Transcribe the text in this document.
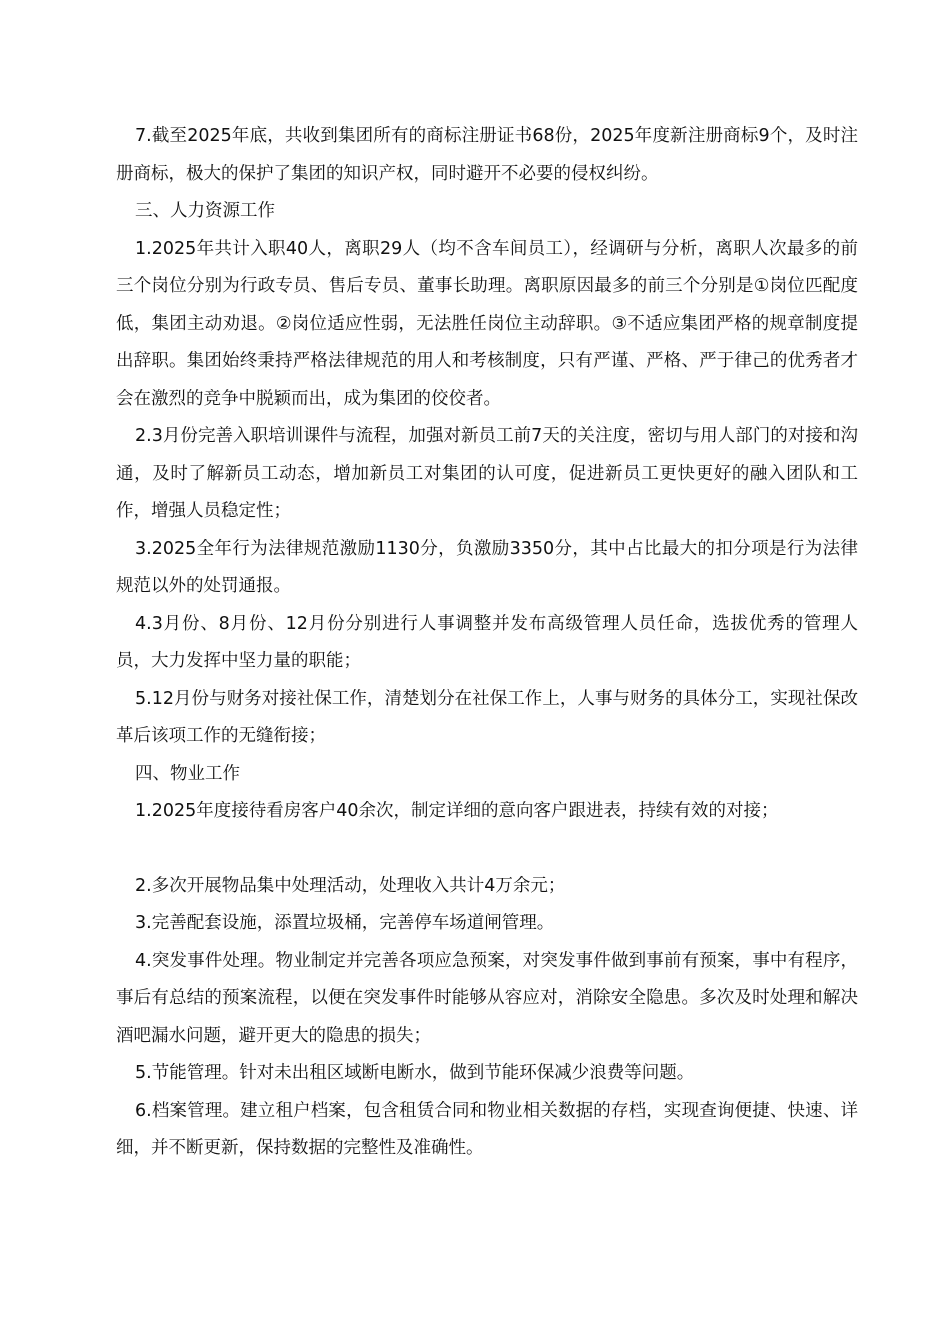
7.截至2025年底，共收到集团所有的商标注册证书68份，2025年度新注册商标9个，及时注册商标，极大的保护了集团的知识产权，同时避开不必要的侵权纠纷。

三、人力资源工作

1.2025年共计入职40人，离职29人（均不含车间员工），经调研与分析，离职人次最多的前三个岗位分别为行政专员、售后专员、董事长助理。离职原因最多的前三个分别是①岗位匹配度低，集团主动劝退。②岗位适应性弱，无法胜任岗位主动辞职。③不适应集团严格的规章制度提出辞职。集团始终秉持严格法律规范的用人和考核制度，只有严谨、严格、严于律己的优秀者才会在激烈的竞争中脱颖而出，成为集团的佼佼者。

2.3月份完善入职培训课件与流程，加强对新员工前7天的关注度，密切与用人部门的对接和沟通，及时了解新员工动态，增加新员工对集团的认可度，促进新员工更快更好的融入团队和工作，增强人员稳定性；

3.2025全年行为法律规范激励1130分，负激励3350分，其中占比最大的扣分项是行为法律规范以外的处罚通报。

4.3月份、8月份、12月份分别进行人事调整并发布高级管理人员任命，选拔优秀的管理人员，大力发挥中坚力量的职能；

5.12月份与财务对接社保工作，清楚划分在社保工作上，人事与财务的具体分工，实现社保改革后该项工作的无缝衔接；

四、物业工作

1.2025年度接待看房客户40余次，制定详细的意向客户跟进表，持续有效的对接；

2.多次开展物品集中处理活动，处理收入共计4万余元；

3.完善配套设施，添置垃圾桶，完善停车场道闸管理。

4.突发事件处理。物业制定并完善各项应急预案，对突发事件做到事前有预案，事中有程序，事后有总结的预案流程，以便在突发事件时能够从容应对，消除安全隐患。多次及时处理和解决酒吧漏水问题，避开更大的隐患的损失；

5.节能管理。针对未出租区域断电断水，做到节能环保减少浪费等问题。

6.档案管理。建立租户档案，包含租赁合同和物业相关数据的存档，实现查询便捷、快速、详细，并不断更新，保持数据的完整性及准确性。
